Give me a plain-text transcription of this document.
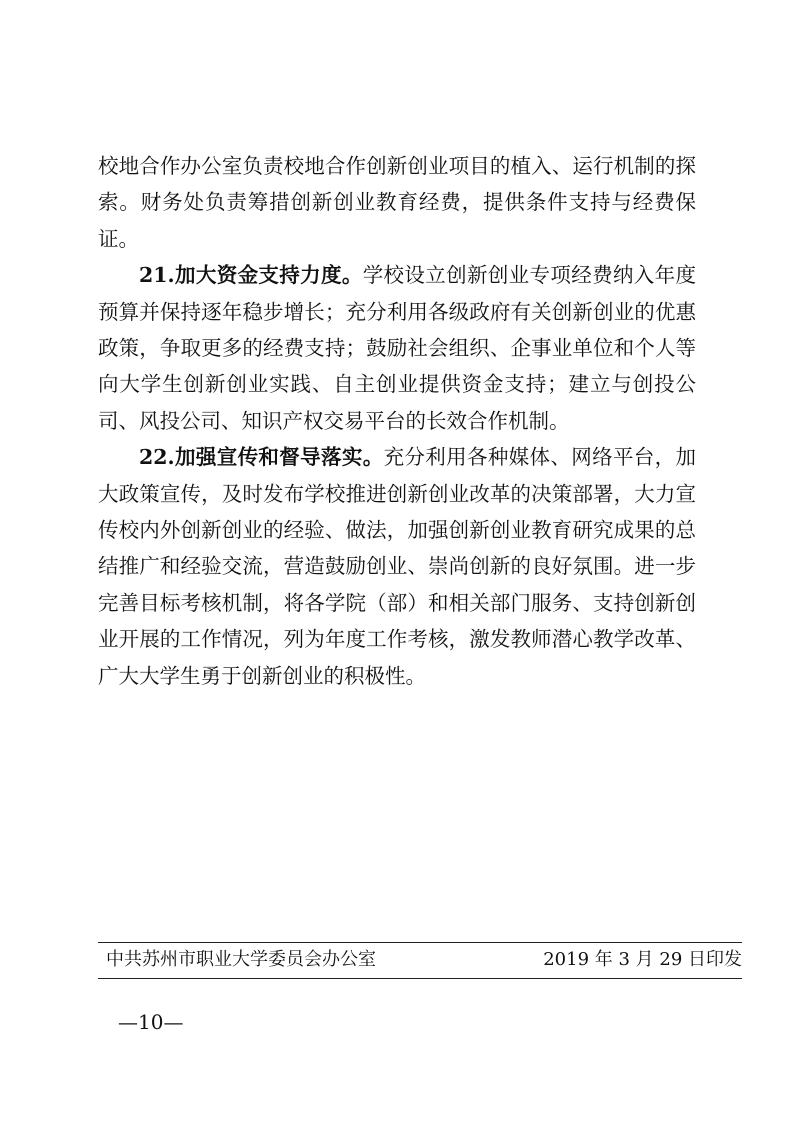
校地合作办公室负责校地合作创新创业项目的植入、运行机制的探索。财务处负责筹措创新创业教育经费，提供条件支持与经费保证。

21.加大资金支持力度。学校设立创新创业专项经费纳入年度预算并保持逐年稳步增长；充分利用各级政府有关创新创业的优惠政策，争取更多的经费支持；鼓励社会组织、企事业单位和个人等向大学生创新创业实践、自主创业提供资金支持；建立与创投公司、风投公司、知识产权交易平台的长效合作机制。

22.加强宣传和督导落实。充分利用各种媒体、网络平台，加大政策宣传，及时发布学校推进创新创业改革的决策部署，大力宣传校内外创新创业的经验、做法，加强创新创业教育研究成果的总结推广和经验交流，营造鼓励创业、崇尚创新的良好氛围。进一步完善目标考核机制，将各学院（部）和相关部门服务、支持创新创业开展的工作情况，列为年度工作考核，激发教师潜心教学改革、广大大学生勇于创新创业的积极性。

中共苏州市职业大学委员会办公室	2019 年 3 月 29 日印发
—10—
